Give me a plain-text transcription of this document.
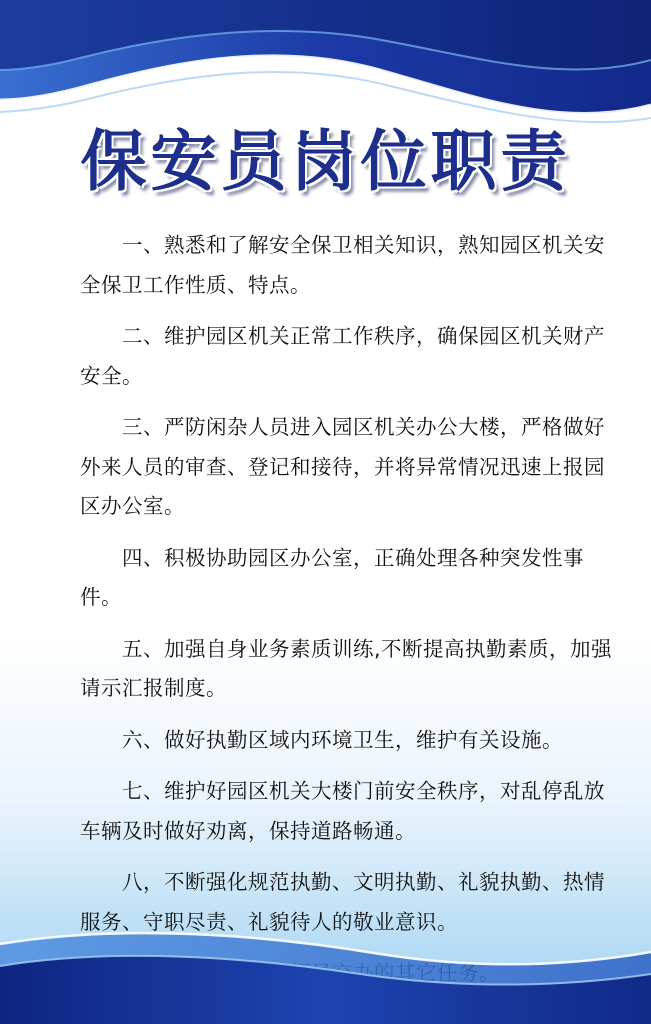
保安员岗位职责
一、熟悉和了解安全保卫相关知识，熟知园区机关安全保卫工作性质、特点。
二、维护园区机关正常工作秩序，确保园区机关财产安全。
三、严防闲杂人员进入园区机关办公大楼，严格做好外来人员的审查、登记和接待，并将异常情况迅速上报园区办公室。
四、积极协助园区办公室，正确处理各种突发性事件。
五、加强自身业务素质训练,不断提高执勤素质，加强请示汇报制度。
六、做好执勤区域内环境卫生，维护有关设施。
七、维护好园区机关大楼门前安全秩序，对乱停乱放车辆及时做好劝离，保持道路畅通。
八，不断强化规范执勤、文明执勤、礼貌执勤、热情服务、守职尽责、礼貌待人的敬业意识。
